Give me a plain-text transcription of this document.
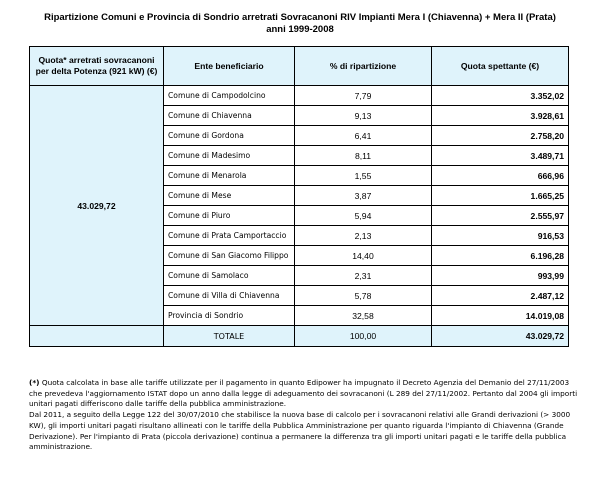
Ripartizione Comuni e Provincia di Sondrio arretrati Sovracanoni RIV Impianti Mera I (Chiavenna) + Mera II (Prata)
anni 1999-2008
Quota* arretrati sovracanoni per delta Potenza (921 kW) (€)	Ente beneficiario	% di ripartizione	Quota spettante (€)
43.029,72	Comune di Campodolcino	7,79	3.352,02
	Comune di Chiavenna	9,13	3.928,61
	Comune di Gordona	6,41	2.758,20
	Comune di Madesimo	8,11	3.489,71
	Comune di Menarola	1,55	666,96
	Comune di Mese	3,87	1.665,25
	Comune di Piuro	5,94	2.555,97
	Comune di Prata Camportaccio	2,13	916,53
	Comune di San Giacomo Filippo	14,40	6.196,28
	Comune di Samolaco	2,31	993,99
	Comune di Villa di Chiavenna	5,78	2.487,12
	Provincia di Sondrio	32,58	14.019,08
	TOTALE	100,00	43.029,72

(*) Quota calcolata in base alle tariffe utilizzate per il pagamento in quanto Edipower ha impugnato il Decreto Agenzia del Demanio del 27/11/2003 che prevedeva l'aggiornamento ISTAT dopo un anno dalla legge di adeguamento dei sovracanoni (L 289 del 27/11/2002. Pertanto dal 2004 gli importi unitari pagati differiscono dalle tariffe della pubblica amministrazione.

Dal 2011, a seguito della Legge 122 del 30/07/2010 che stabilisce la nuova base di calcolo per i sovracanoni relativi alle Grandi derivazioni (> 3000 KW), gli importi unitari pagati risultano allineati con le tariffe della Pubblica Amministrazione per quanto riguarda l'impianto di Chiavenna (Grande Derivazione). Per l'impianto di Prata (piccola derivazione) continua a permanere la differenza tra gli importi unitari pagati e le tariffe della pubblica amministrazione.
